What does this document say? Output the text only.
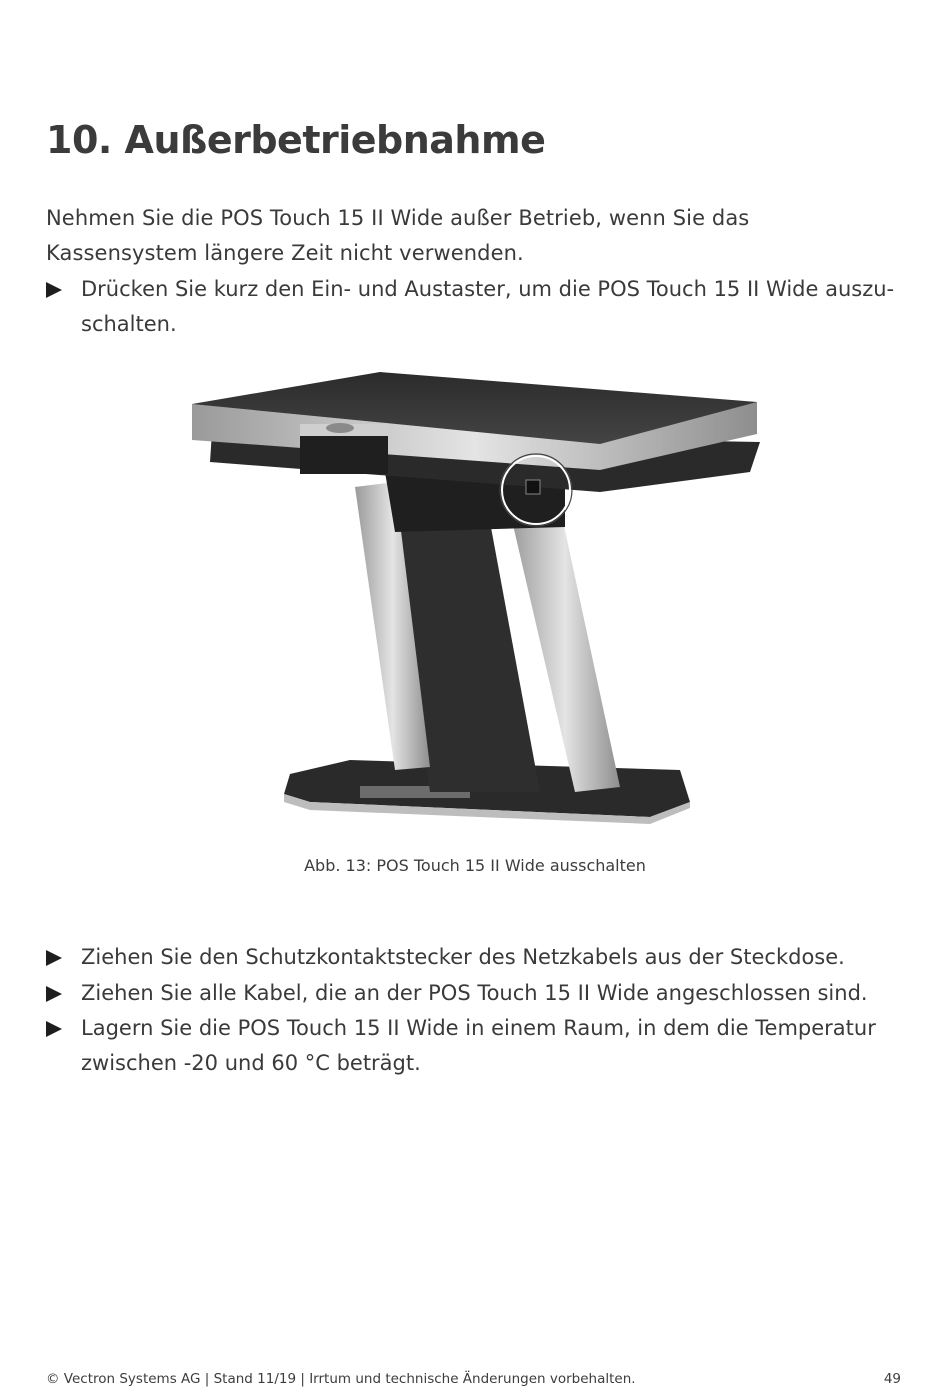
10. Außerbetriebnahme

Nehmen Sie die POS Touch 15 II Wide außer Betrieb, wenn Sie das Kassensystem längere Zeit nicht verwenden.

Drücken Sie kurz den Ein- und Austaster, um die POS Touch 15 II Wide auszu-schalten.
Abb. 13: POS Touch 15 II Wide ausschalten
Ziehen Sie den Schutzkontaktstecker des Netzkabels aus der Steckdose.
Ziehen Sie alle Kabel, die an der POS Touch 15 II Wide angeschlossen sind.
Lagern Sie die POS Touch 15 II Wide in einem Raum, in dem die Temperatur zwischen -20 und 60 °C beträgt.
© Vectron Systems AG | Stand 11/19 | Irrtum und technische Änderungen vorbehalten.	49
